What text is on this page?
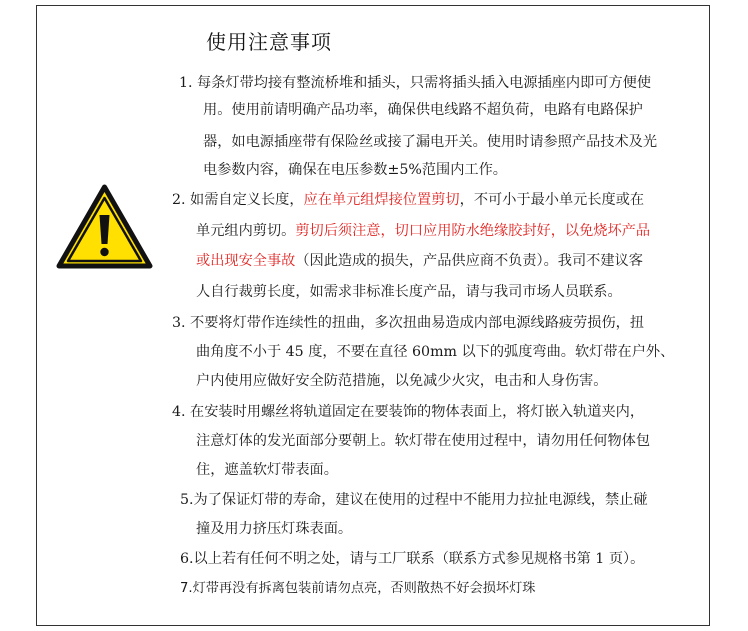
使用注意事项
1. 每条灯带均接有整流桥堆和插头，只需将插头插入电源插座内即可方便使
用。使用前请明确产品功率，确保供电线路不超负荷，电路有电路保护
器，如电源插座带有保险丝或接了漏电开关。使用时请参照产品技术及光
电参数内容，确保在电压参数±5%范围内工作。
2. 如需自定义长度，应在单元组焊接位置剪切，不可小于最小单元长度或在
单元组内剪切。剪切后须注意，切口应用防水绝缘胶封好，以免烧坏产品
或出现安全事故（因此造成的损失，产品供应商不负责）。我司不建议客
人自行裁剪长度，如需求非标准长度产品，请与我司市场人员联系。
3. 不要将灯带作连续性的扭曲，多次扭曲易造成内部电源线路疲劳损伤，扭
曲角度不小于 45 度，不要在直径 60mm 以下的弧度弯曲。软灯带在户外、
户内使用应做好安全防范措施，以免减少火灾，电击和人身伤害。
4. 在安装时用螺丝将轨道固定在要装饰的物体表面上，将灯嵌入轨道夹内，
注意灯体的发光面部分要朝上。软灯带在使用过程中，请勿用任何物体包
住，遮盖软灯带表面。
5.为了保证灯带的寿命，建议在使用的过程中不能用力拉扯电源线，禁止碰
撞及用力挤压灯珠表面。
6.以上若有任何不明之处，请与工厂联系（联系方式参见规格书第 1 页）。
7.灯带再没有拆离包装前请勿点亮，否则散热不好会损坏灯珠
